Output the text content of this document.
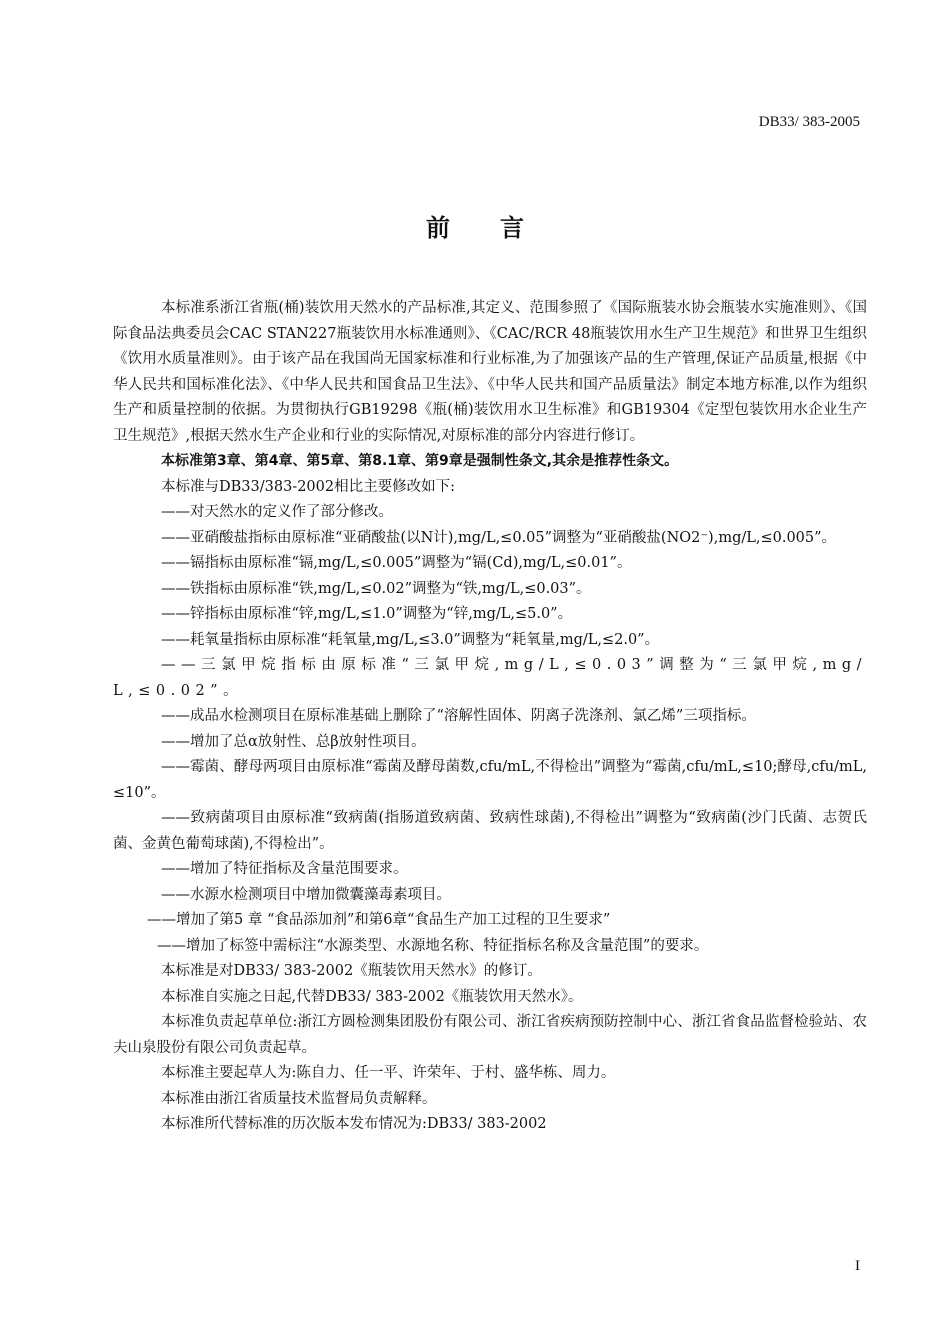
DB33/ 383-2005

前言

本标准系浙江省瓶(桶)装饮用天然水的产品标准,其定义、范围参照了《国际瓶装水协会瓶装水实施准则》、《国际食品法典委员会CAC STAN227瓶装饮用水标准通则》、《CAC/RCR 48瓶装饮用水生产卫生规范》和世界卫生组织《饮用水质量准则》。由于该产品在我国尚无国家标准和行业标准,为了加强该产品的生产管理,保证产品质量,根据《中华人民共和国标准化法》、《中华人民共和国食品卫生法》、《中华人民共和国产品质量法》制定本地方标准,以作为组织生产和质量控制的依据。为贯彻执行GB19298《瓶(桶)装饮用水卫生标准》和GB19304《定型包装饮用水企业生产卫生规范》,根据天然水生产企业和行业的实际情况,对原标准的部分内容进行修订。

本标准第3章、第4章、第5章、第8.1章、第9章是强制性条文,其余是推荐性条文。

本标准与DB33/383-2002相比主要修改如下:

——对天然水的定义作了部分修改。

——亚硝酸盐指标由原标准“亚硝酸盐(以N计),mg/L,≤0.05”调整为“亚硝酸盐(NO2⁻),mg/L,≤0.005”。

——镉指标由原标准“镉,mg/L,≤0.005”调整为“镉(Cd),mg/L,≤0.01”。

——铁指标由原标准“铁,mg/L,≤0.02”调整为“铁,mg/L,≤0.03”。

——锌指标由原标准“锌,mg/L,≤1.0”调整为“锌,mg/L,≤5.0”。

——耗氧量指标由原标准“耗氧量,mg/L,≤3.0”调整为“耗氧量,mg/L,≤2.0”。

——三氯甲烷指标由原标准“三氯甲烷,mg/L,≤0.03”调整为“三氯甲烷,mg/L,≤0.02”。

——成品水检测项目在原标准基础上删除了“溶解性固体、阴离子洗涤剂、氯乙烯”三项指标。

——增加了总α放射性、总β放射性项目。

——霉菌、酵母两项目由原标准“霉菌及酵母菌数,cfu/mL,不得检出”调整为“霉菌,cfu/mL,≤10;酵母,cfu/mL,≤10”。

——致病菌项目由原标准“致病菌(指肠道致病菌、致病性球菌),不得检出”调整为“致病菌(沙门氏菌、志贺氏菌、金黄色葡萄球菌),不得检出”。

——增加了特征指标及含量范围要求。

——水源水检测项目中增加微囊藻毒素项目。

——增加了第5 章 “食品添加剂”和第6章“食品生产加工过程的卫生要求”

——增加了标签中需标注“水源类型、水源地名称、特征指标名称及含量范围”的要求。

本标准是对DB33/ 383-2002《瓶装饮用天然水》的修订。

本标准自实施之日起,代替DB33/ 383-2002《瓶装饮用天然水》。

本标准负责起草单位:浙江方圆检测集团股份有限公司、浙江省疾病预防控制中心、浙江省食品监督检验站、农夫山泉股份有限公司负责起草。

本标准主要起草人为:陈自力、任一平、许荣年、于村、盛华栋、周力。

本标准由浙江省质量技术监督局负责解释。

本标准所代替标准的历次版本发布情况为:DB33/ 383-2002

I
